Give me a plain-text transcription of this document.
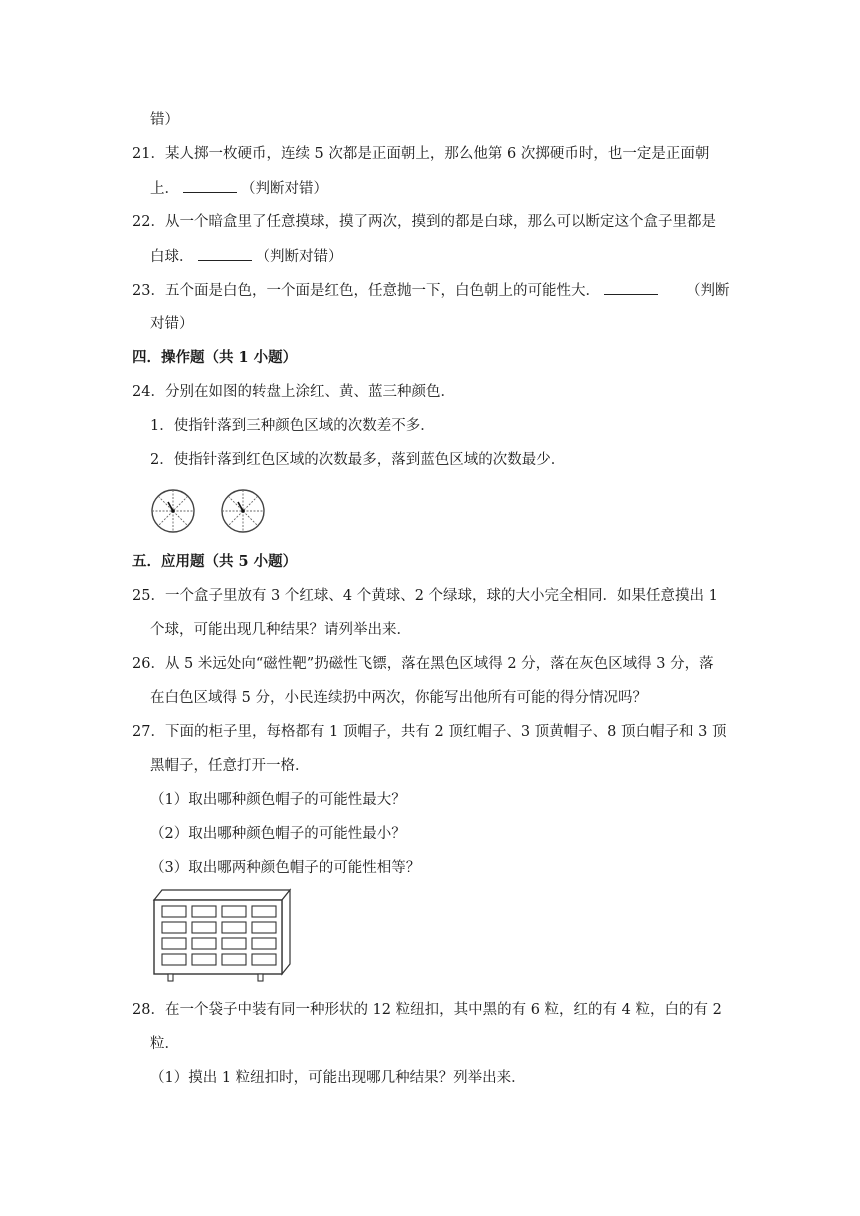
错）
21．某人掷一枚硬币，连续 5 次都是正面朝上，那么他第 6 次掷硬币时，也一定是正面朝
上．	（判断对错）
22．从一个暗盒里了任意摸球，摸了两次，摸到的都是白球，那么可以断定这个盒子里都是
白球．	（判断对错）
23．五个面是白色，一个面是红色，任意抛一下，白色朝上的可能性大．	（判断
对错）
四．操作题（共 1 小题）
24．分别在如图的转盘上涂红、黄、蓝三种颜色．
1．使指针落到三种颜色区域的次数差不多．
2．使指针落到红色区域的次数最多，落到蓝色区域的次数最少．
五．应用题（共 5 小题）
25．一个盒子里放有 3 个红球、4 个黄球、2 个绿球，球的大小完全相同．如果任意摸出 1
个球，可能出现几种结果？请列举出来．
26．从 5 米远处向“磁性靶”扔磁性飞镖，落在黑色区域得 2 分，落在灰色区域得 3 分，落
在白色区域得 5 分，小民连续扔中两次，你能写出他所有可能的得分情况吗？
27．下面的柜子里，每格都有 1 顶帽子，共有 2 顶红帽子、3 顶黄帽子、8 顶白帽子和 3 顶
黑帽子，任意打开一格．
（1）取出哪种颜色帽子的可能性最大？
（2）取出哪种颜色帽子的可能性最小？
（3）取出哪两种颜色帽子的可能性相等？
28．在一个袋子中装有同一种形状的 12 粒纽扣，其中黑的有 6 粒，红的有 4 粒，白的有 2
粒．
（1）摸出 1 粒纽扣时，可能出现哪几种结果？列举出来．
